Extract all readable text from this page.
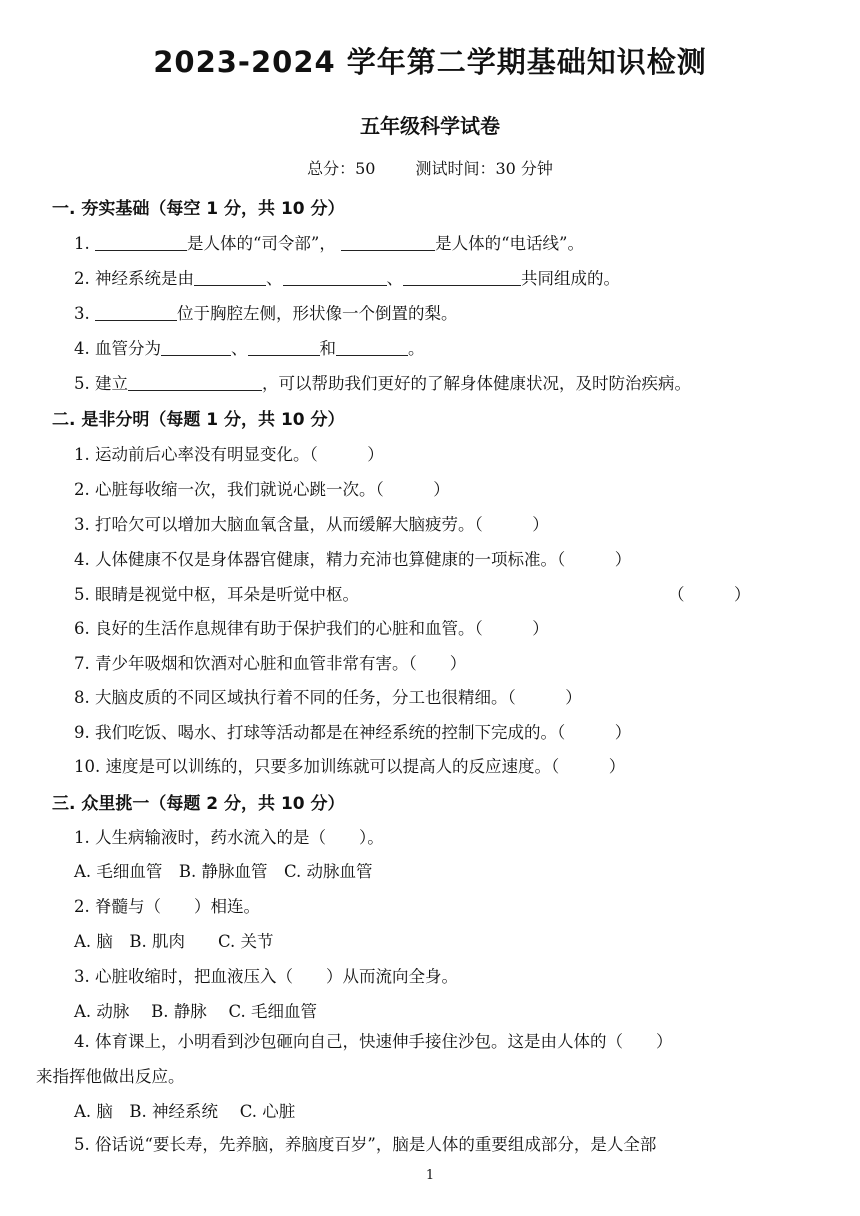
2023-2024 学年第二学期基础知识检测
五年级科学试卷
总分：50	测试时间：30 分钟
一. 夯实基础（每空 1 分，共 10 分）
1.	是人体的“司令部”，	是人体的“电话线”。
2. 神经系统是由	、	、	共同组成的。
3.	位于胸腔左侧，形状像一个倒置的梨。
4. 血管分为	、	和	。
5. 建立	，可以帮助我们更好的了解身体健康状况，及时防治疾病。
二. 是非分明（每题 1 分，共 10 分）
1. 运动前后心率没有明显变化。（　　　）
2. 心脏每收缩一次，我们就说心跳一次。（　　　）
3. 打哈欠可以增加大脑血氧含量，从而缓解大脑疲劳。（　　　）
4. 人体健康不仅是身体器官健康，精力充沛也算健康的一项标准。（　　　）
5. 眼睛是视觉中枢，耳朵是听觉中枢。	（　　　）
6. 良好的生活作息规律有助于保护我们的心脏和血管。（　　　）
7. 青少年吸烟和饮酒对心脏和血管非常有害。（　　）
8. 大脑皮质的不同区域执行着不同的任务，分工也很精细。（　　　）
9. 我们吃饭、喝水、打球等活动都是在神经系统的控制下完成的。（　　　）
10. 速度是可以训练的，只要多加训练就可以提高人的反应速度。（　　　）
三. 众里挑一（每题 2 分，共 10 分）
1. 人生病输液时，药水流入的是（　　）。
A. 毛细血管　B. 静脉血管　C. 动脉血管
2. 脊髓与（　　）相连。
A. 脑　B. 肌肉　　C. 关节
3. 心脏收缩时，把血液压入（　　）从而流向全身。
A. 动脉　 B. 静脉　 C. 毛细血管
4. 体育课上，小明看到沙包砸向自己，快速伸手接住沙包。这是由人体的（　　）
来指挥他做出反应。
A. 脑　B. 神经系统　 C. 心脏
5. 俗话说“要长寿，先养脑，养脑度百岁”，脑是人体的重要组成部分，是人全部
1
